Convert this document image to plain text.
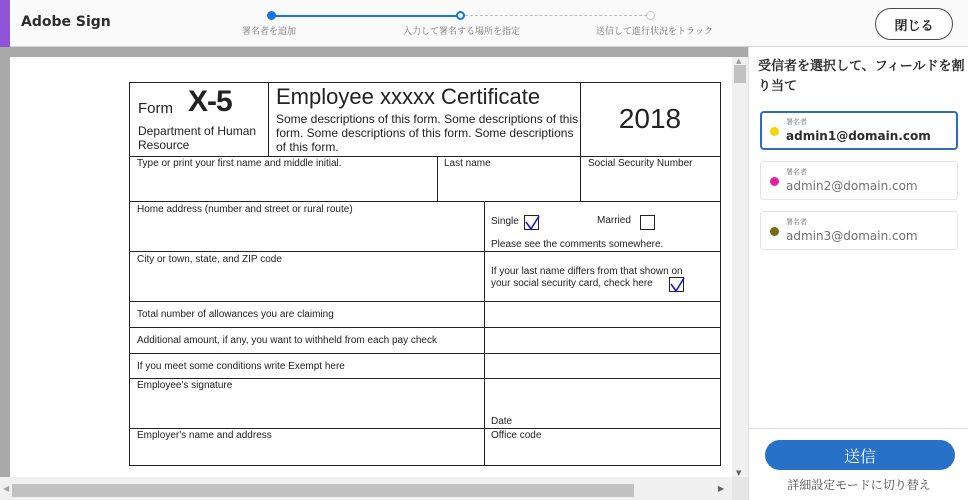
Adobe Sign
署名者を追加	入力して署名する場所を指定	送信して進行状況をトラック	閉じる
Form X-5
Department of Human Resource
Employee xxxxx Certificate
Some descriptions of this form. Some descriptions of this form. Some descriptions of this form. Some descriptions of this form.
2018
Type or print your first name and middle initial.	Last name	Social Security Number
Home address (number and street or rural route)
Single	Married
Please see the comments somewhere.
City or town, state, and ZIP code
If your last name differs from that shown on
your social security card, check here
Total number of allowances you are claiming
Additional amount, if any, you want to withheld from each pay check
If you meet some conditions write Exempt here
Employee's signature
Date
Employer's name and address	Office code
▲
▼
◀	▶
受信者を選択して、フィールドを割り当て
署名者
admin1@domain.com
署名者
admin2@domain.com
署名者
admin3@domain.com
送信
詳細設定モードに切り替え
